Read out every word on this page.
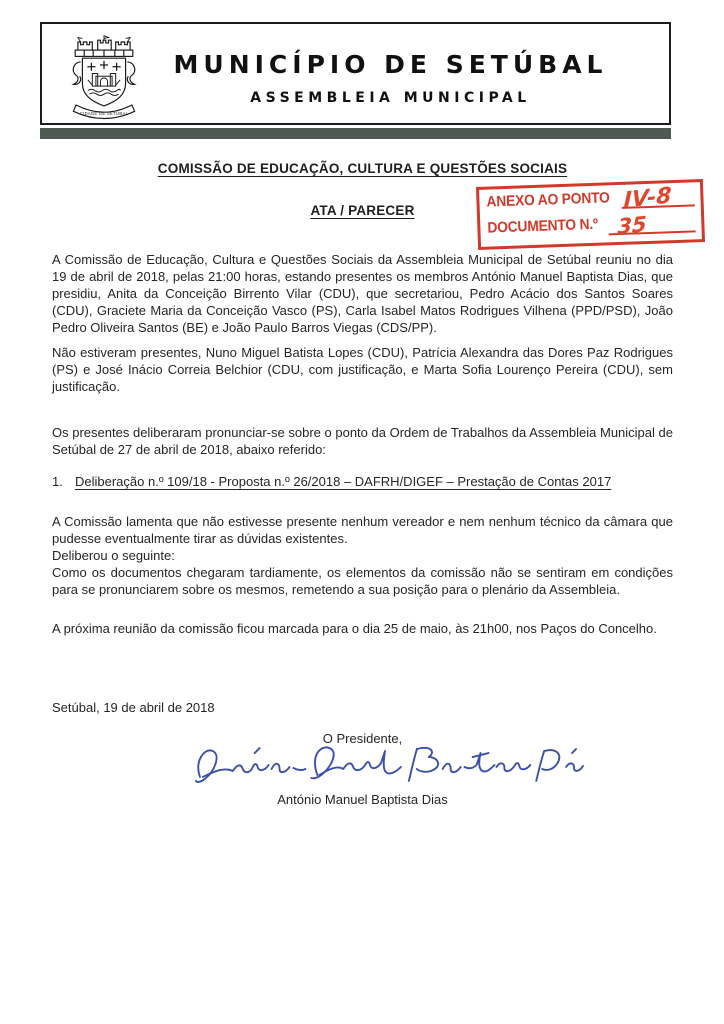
CIDADE DE SETÚBAL
MUNICÍPIO DE SETÚBAL
ASSEMBLEIA MUNICIPAL
COMISSÃO DE EDUCAÇÃO, CULTURA E QUESTÕES SOCIAIS
ATA / PARECER	ANEXO AO PONTO IV-8
DOCUMENTO N.º 35
A Comissão de Educação, Cultura e Questões Sociais da Assembleia Municipal de Setúbal reuniu no dia 19 de abril de 2018, pelas 21:00 horas, estando presentes os membros António Manuel Baptista Dias, que presidiu, Anita da Conceição Birrento Vilar (CDU), que secretariou, Pedro Acácio dos Santos Soares (CDU), Graciete Maria da Conceição Vasco (PS), Carla Isabel Matos Rodrigues Vilhena (PPD/PSD), João Pedro Oliveira Santos (BE) e João Paulo Barros Viegas (CDS/PP).
Não estiveram presentes, Nuno Miguel Batista Lopes (CDU), Patrícia Alexandra das Dores Paz Rodrigues (PS) e José Inácio Correia Belchior (CDU, com justificação, e Marta Sofia Lourenço Pereira (CDU), sem justificação.
Os presentes deliberaram pronunciar-se sobre o ponto da Ordem de Trabalhos da Assembleia Municipal de Setúbal de 27 de abril de 2018, abaixo referido:
1. Deliberação n.º 109/18 - Proposta n.º 26/2018 – DAFRH/DIGEF – Prestação de Contas 2017
A Comissão lamenta que não estivesse presente nenhum vereador e nem nenhum técnico da câmara que pudesse eventualmente tirar as dúvidas existentes.
Deliberou o seguinte:
Como os documentos chegaram tardiamente, os elementos da comissão não se sentiram em condições para se pronunciarem sobre os mesmos, remetendo a sua posição para o plenário da Assembleia.
A próxima reunião da comissão ficou marcada para o dia 25 de maio, às 21h00, nos Paços do Concelho.
Setúbal, 19 de abril de 2018
O Presidente,
António Manuel Baptista Dias
